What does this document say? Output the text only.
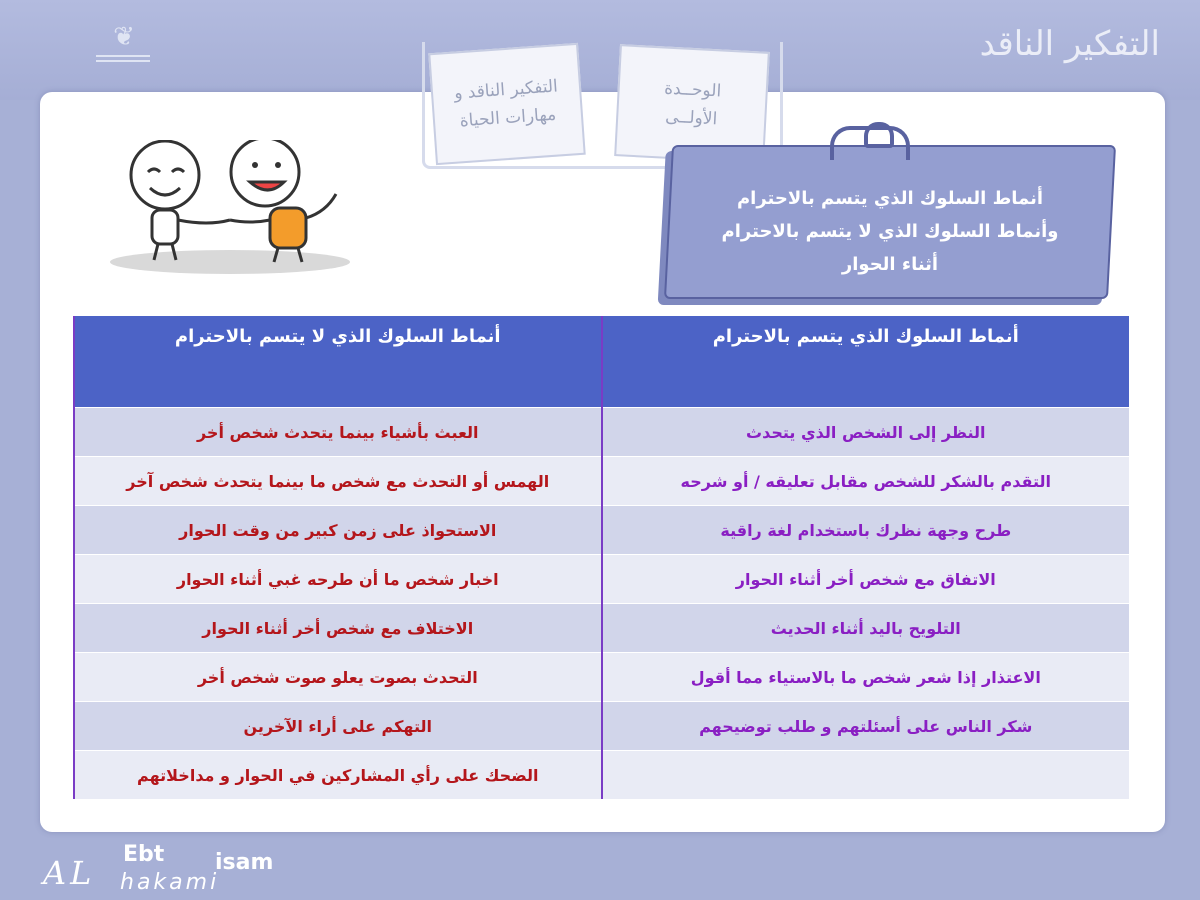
❦	التفكير الناقد
التفكير الناقد و
مهارات الحياة
الوحــدة
الأولــى
أنماط السلوك الذي يتسم بالاحترام
وأنماط السلوك الذي لا يتسم بالاحترام
أثناء الحوار
أنماط السلوك الذي يتسم بالاحترام	أنماط السلوك الذي لا يتسم بالاحترام
النظر إلى الشخص الذي يتحدث	العبث بأشياء بينما يتحدث شخص أخر
التقدم بالشكر للشخص مقابل تعليقه / أو شرحه	الهمس أو التحدث مع شخص ما بينما يتحدث شخص آخر
طرح وجهة نظرك باستخدام لغة راقية	الاستحواذ على زمن كبير من وقت الحوار
الاتفاق مع شخص أخر أثناء الحوار	اخبار شخص ما أن طرحه غبي أثناء الحوار
التلويح باليد أثناء الحديث	الاختلاف مع شخص أخر أثناء الحوار
الاعتذار إذا شعر شخص ما بالاستياء مما أقول	التحدث بصوت يعلو صوت شخص أخر
شكر الناس على أسئلتهم و طلب توضيحهم	التهكم على أراء الآخرين
	الضحك على رأي المشاركين في الحوار و مداخلاتهم
AL Ebt isam
hakami
